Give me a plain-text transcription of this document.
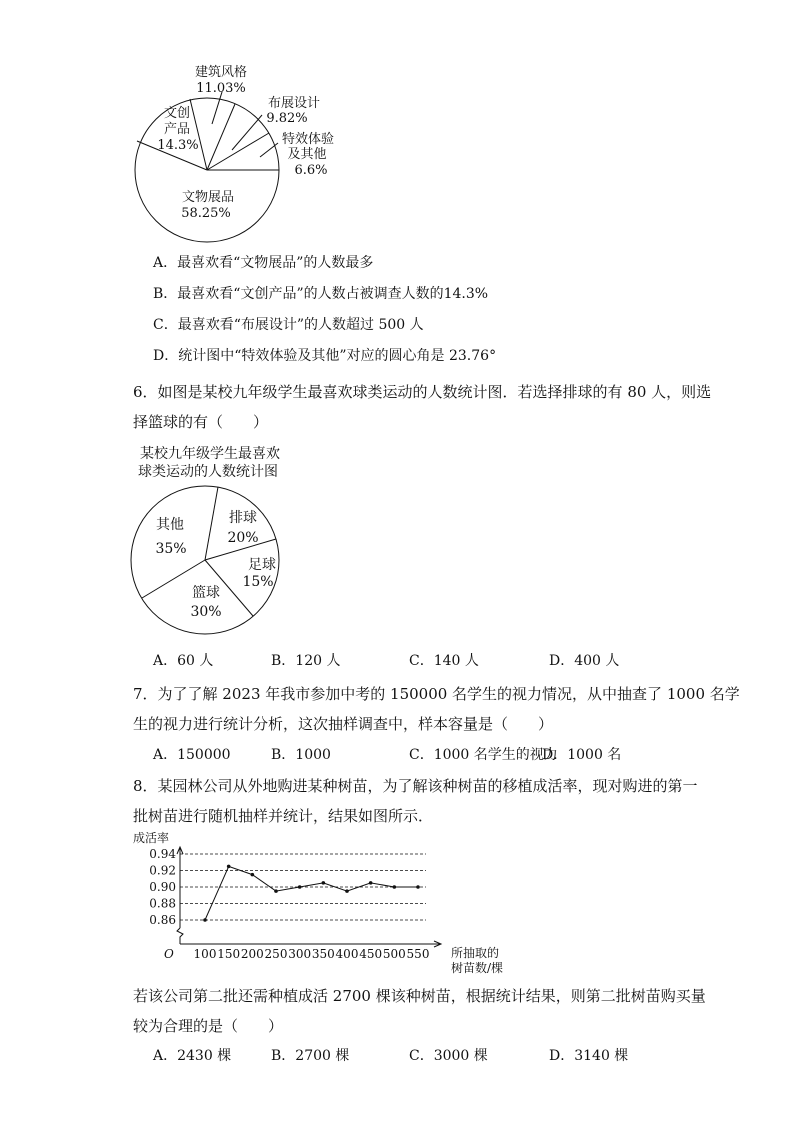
建筑风格
11.03%
布展设计
9.82%
特效体验
及其他
6.6%
文创
产品
14.3%
文物展品
58.25%
A．最喜欢看“文物展品”的人数最多
B．最喜欢看“文创产品”的人数占被调查人数的14.3%
C．最喜欢看“布展设计”的人数超过 500 人
D．统计图中“特效体验及其他”对应的圆心角是 23.76°
6．如图是某校九年级学生最喜欢球类运动的人数统计图．若选择排球的有 80 人，则选
择篮球的有（　　）
某校九年级学生最喜欢
球类运动的人数统计图
排球
20%
足球
15%
篮球
30%
其他
35%
A．60 人	B．120 人	C．140 人	D．400 人
7．为了了解 2023 年我市参加中考的 150000 名学生的视力情况，从中抽查了 1000 名学
生的视力进行统计分析，这次抽样调查中，样本容量是（　　）
A．150000	B．1000	C．1000 名学生的视力
D．1000 名
8．某园林公司从外地购进某种树苗，为了解该种树苗的移植成活率，现对购进的第一
批树苗进行随机抽样并统计，结果如图所示．
成活率
O	所抽取的
树苗数/棵
0.86
0.88
0.90
0.92
0.94
100 150 200 250 300 350 400 450 500 550
若该公司第二批还需种植成活 2700 棵该种树苗，根据统计结果，则第二批树苗购买量
较为合理的是（　　）
A．2430 棵	B．2700 棵	C．3000 棵	D．3140 棵
